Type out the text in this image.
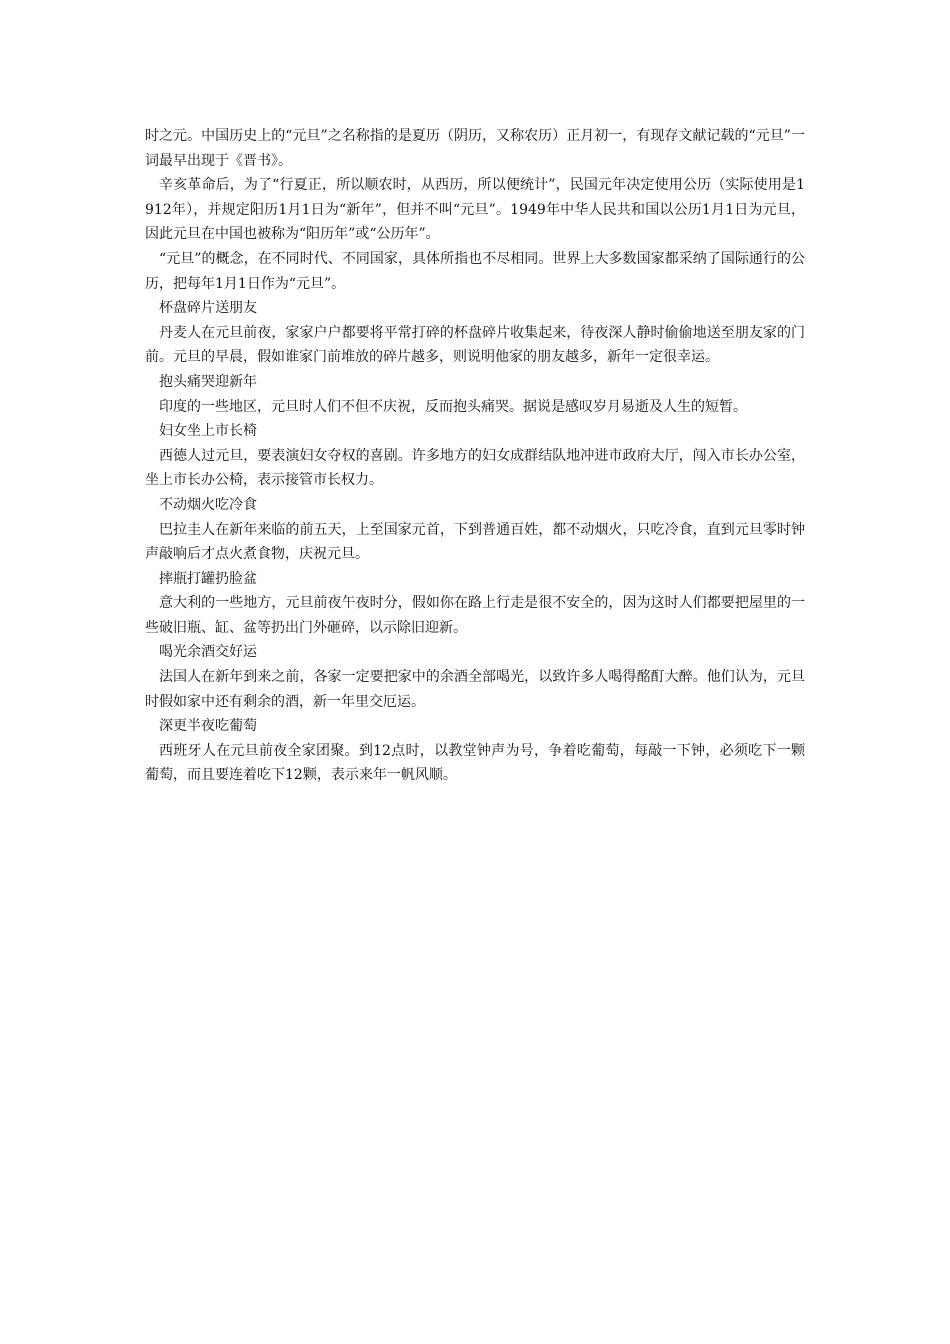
时之元。中国历史上的“元旦”之名称指的是夏历（阴历，又称农历）正月初一，有现存文献记载的“元旦”一词最早出现于《晋书》。

辛亥革命后，为了“行夏正，所以顺农时，从西历，所以便统计”，民国元年决定使用公历（实际使用是1912年），并规定阳历1月1日为“新年”，但并不叫“元旦”。1949年中华人民共和国以公历1月1日为元旦，因此元旦在中国也被称为“阳历年”或“公历年”。

“元旦”的概念，在不同时代、不同国家，具体所指也不尽相同。世界上大多数国家都采纳了国际通行的公历，把每年1月1日作为“元旦”。

杯盘碎片送朋友

丹麦人在元旦前夜，家家户户都要将平常打碎的杯盘碎片收集起来，待夜深人静时偷偷地送至朋友家的门前。元旦的早晨，假如谁家门前堆放的碎片越多，则说明他家的朋友越多，新年一定很幸运。

抱头痛哭迎新年

印度的一些地区，元旦时人们不但不庆祝，反而抱头痛哭。据说是感叹岁月易逝及人生的短暂。

妇女坐上市长椅

西德人过元旦，要表演妇女夺权的喜剧。许多地方的妇女成群结队地冲进市政府大厅，闯入市长办公室，坐上市长办公椅，表示接管市长权力。

不动烟火吃冷食

巴拉圭人在新年来临的前五天，上至国家元首，下到普通百姓，都不动烟火，只吃冷食，直到元旦零时钟声敲响后才点火煮食物，庆祝元旦。

摔瓶打罐扔脸盆

意大利的一些地方，元旦前夜午夜时分，假如你在路上行走是很不安全的，因为这时人们都要把屋里的一些破旧瓶、缸、盆等扔出门外砸碎，以示除旧迎新。

喝光余酒交好运

法国人在新年到来之前，各家一定要把家中的余酒全部喝光，以致许多人喝得酩酊大醉。他们认为，元旦时假如家中还有剩余的酒，新一年里交厄运。

深更半夜吃葡萄

西班牙人在元旦前夜全家团聚。到12点时，以教堂钟声为号，争着吃葡萄，每敲一下钟，必须吃下一颗葡萄，而且要连着吃下12颗，表示来年一帆风顺。
